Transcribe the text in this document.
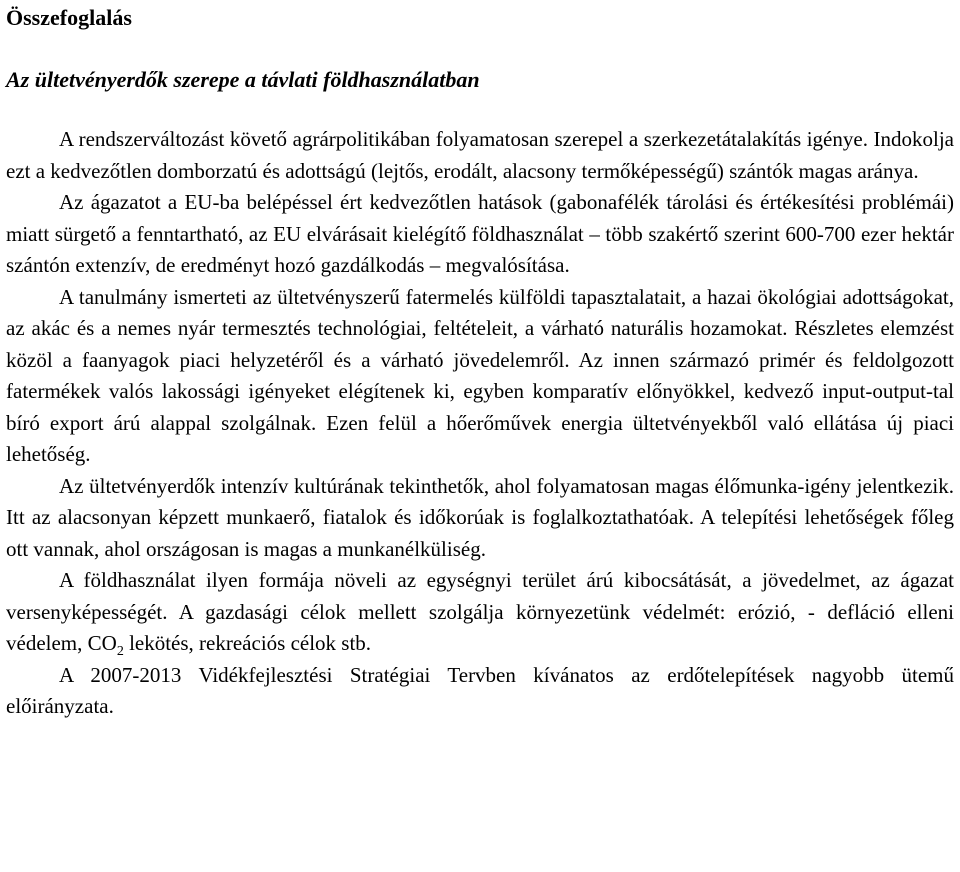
Összefoglalás
Az ültetvényerdők szerepe a távlati földhasználatban

A rendszerváltozást követő agrárpolitikában folyamatosan szerepel a szerkezetátalakítás igénye. Indokolja ezt a kedvezőtlen domborzatú és adottságú (lejtős, erodált, alacsony termőképességű) szántók magas aránya.

Az ágazatot a EU-ba belépéssel ért kedvezőtlen hatások (gabonafélék tárolási és értékesítési problémái) miatt sürgető a fenntartható, az EU elvárásait kielégítő földhasználat – több szakértő szerint 600-700 ezer hektár szántón extenzív, de eredményt hozó gazdálkodás – megvalósítása.

A tanulmány ismerteti az ültetvényszerű fatermelés külföldi tapasztalatait, a hazai ökológiai adottságokat, az akác és a nemes nyár termesztés technológiai, feltételeit, a várható naturális hozamokat. Részletes elemzést közöl a faanyagok piaci helyzetéről és a várható jövedelemről. Az innen származó primér és feldolgozott fatermékek valós lakossági igényeket elégítenek ki, egyben komparatív előnyökkel, kedvező input-output-tal bíró export árú alappal szolgálnak. Ezen felül a hőerőművek energia ültetvényekből való ellátása új piaci lehetőség.

Az ültetvényerdők intenzív kultúrának tekinthetők, ahol folyamatosan magas élőmunka-igény jelentkezik. Itt az alacsonyan képzett munkaerő, fiatalok és időkorúak is foglalkoztathatóak. A telepítési lehetőségek főleg ott vannak, ahol országosan is magas a munkanélküliség.

A földhasználat ilyen formája növeli az egységnyi terület árú kibocsátását, a jövedelmet, az ágazat versenyképességét. A gazdasági célok mellett szolgálja környezetünk védelmét: erózió, - defláció elleni védelem, $CO_2$ lekötés, rekreációs célok stb.

A 2007-2013 Vidékfejlesztési Stratégiai Tervben kívánatos az erdőtelepítések nagyobb ütemű előirányzata.
